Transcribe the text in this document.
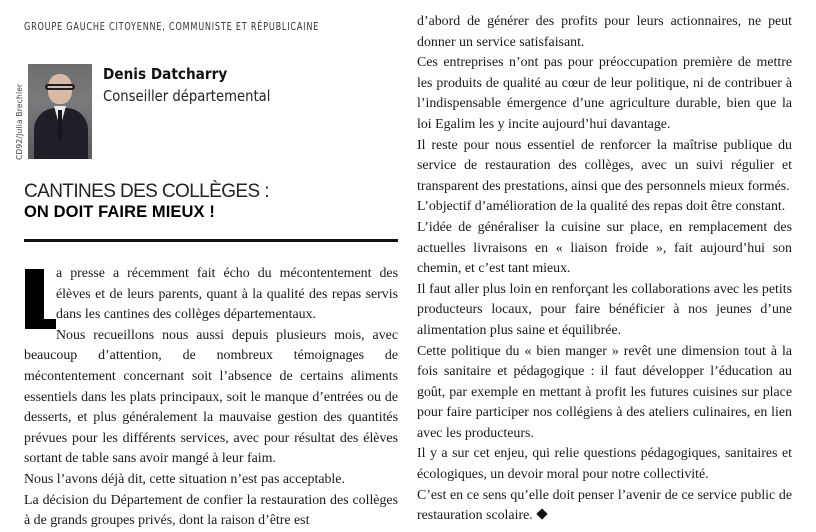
GROUPE GAUCHE CITOYENNE, COMMUNISTE ET RÉPUBLICAINE
CD92/Julia Brechler
Denis Datcharry
Conseiller départemental
CANTINES DES COLLÈGES :
ON DOIT FAIRE MIEUX !

a presse a récemment fait écho du mécontentement des élèves et de leurs parents, quant à la qualité des repas servis dans les cantines des collèges départementaux.

Nous recueillons nous aussi depuis plusieurs mois, avec beaucoup d’attention, de nombreux témoignages de mécontentement concernant soit l’absence de certains aliments essentiels dans les plats principaux, soit le manque d’entrées ou de desserts, et plus généralement la mauvaise gestion des quantités prévues pour les différents services, avec pour résultat des élèves sortant de table sans avoir mangé à leur faim.

Nous l’avons déjà dit, cette situation n’est pas acceptable.

La décision du Département de confier la restauration des collèges à de grands groupes privés, dont la raison d’être est

d’abord de générer des profits pour leurs actionnaires, ne peut donner un service satisfaisant.

Ces entreprises n’ont pas pour préoccupation première de mettre les produits de qualité au cœur de leur politique, ni de contribuer à l’indispensable émergence d’une agriculture durable, bien que la loi Egalim les y incite aujourd’hui davantage.

Il reste pour nous essentiel de renforcer la maîtrise publique du service de restauration des collèges, avec un suivi régulier et transparent des prestations, ainsi que des personnels mieux formés.

L’objectif d’amélioration de la qualité des repas doit être constant.

L’idée de généraliser la cuisine sur place, en remplacement des actuelles livraisons en « liaison froide », fait aujourd’hui son chemin, et c’est tant mieux.

Il faut aller plus loin en renforçant les collaborations avec les petits producteurs locaux, pour faire bénéficier à nos jeunes d’une alimentation plus saine et équilibrée.

Cette politique du « bien manger » revêt une dimension tout à la fois sanitaire et pédagogique : il faut développer l’éducation au goût, par exemple en mettant à profit les futures cuisines sur place pour faire participer nos collégiens à des ateliers culinaires, en lien avec les producteurs.

Il y a sur cet enjeu, qui relie questions pédagogiques, sanitaires et écologiques, un devoir moral pour notre collectivité.

C’est en ce sens qu’elle doit penser l’avenir de ce service public de restauration scolaire.
